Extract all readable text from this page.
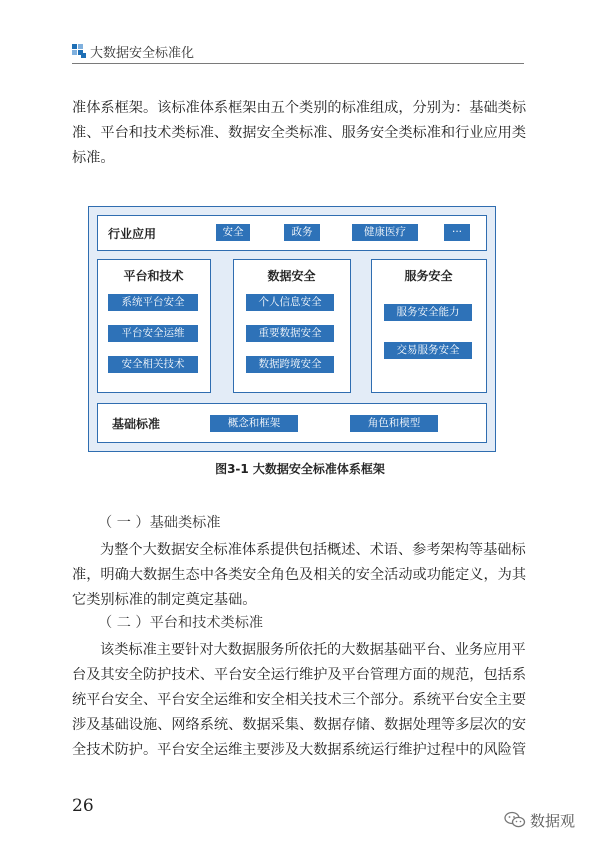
大数据安全标准化
准体系框架。该标准体系框架由五个类别的标准组成，分别为：基础类标
准、平台和技术类标准、数据安全类标准、服务安全类标准和行业应用类
标准。
行业应用	安全	政务	健康医疗	···
平台和技术
系统平台安全
平台安全运维
安全相关技术
数据安全
个人信息安全
重要数据安全
数据跨境安全
服务安全
服务安全能力
交易服务安全
基础标准	概念和框架	角色和模型
图3-1 大数据安全标准体系框架
（ 一 ）基础类标准
为整个大数据安全标准体系提供包括概述、术语、参考架构等基础标
准，明确大数据生态中各类安全角色及相关的安全活动或功能定义，为其
它类别标准的制定奠定基础。
（ 二 ）平台和技术类标准
该类标准主要针对大数据服务所依托的大数据基础平台、业务应用平
台及其安全防护技术、平台安全运行维护及平台管理方面的规范，包括系
统平台安全、平台安全运维和安全相关技术三个部分。系统平台安全主要
涉及基础设施、网络系统、数据采集、数据存储、数据处理等多层次的安
全技术防护。平台安全运维主要涉及大数据系统运行维护过程中的风险管
26
数据观
